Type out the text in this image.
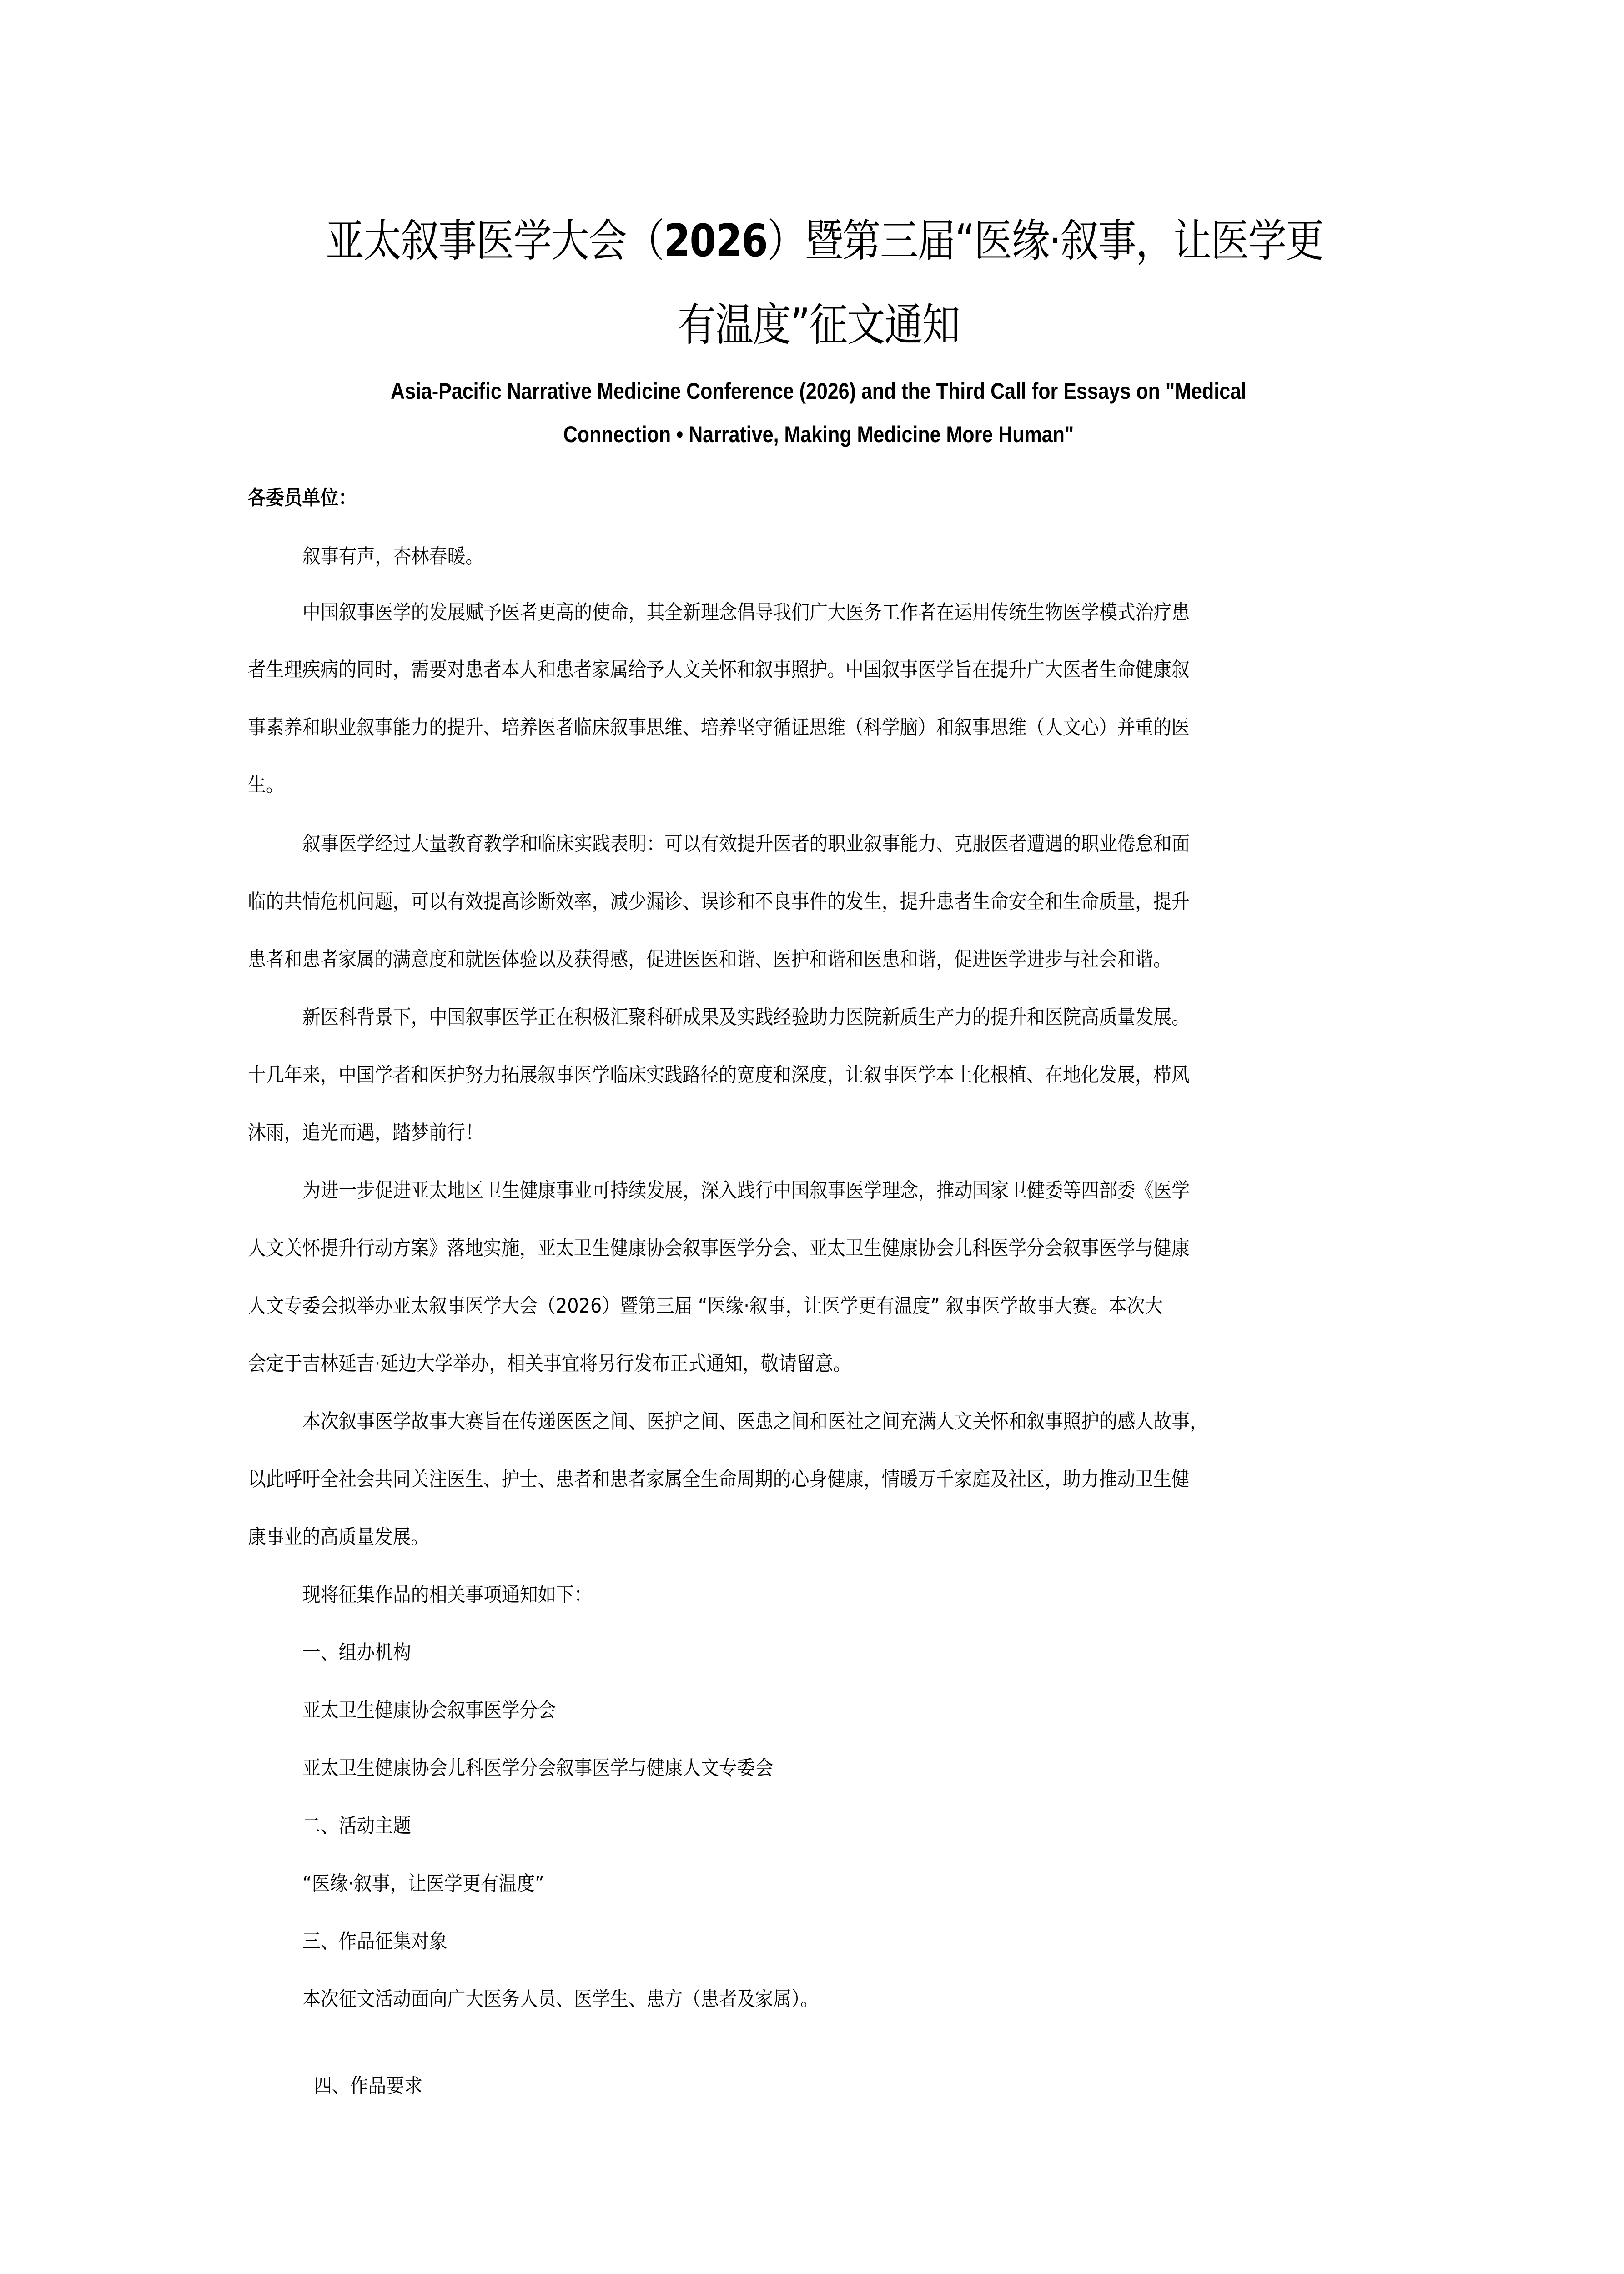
亚太叙事医学大会（2026）暨第三届“医缘·叙事，让医学更
有温度”征文通知
Asia-Pacific Narrative Medicine Conference (2026) and the Third Call for Essays on "Medical
Connection • Narrative, Making Medicine More Human"
各委员单位：
叙事有声，杏林春暖。
中国叙事医学的发展赋予医者更高的使命，其全新理念倡导我们广大医务工作者在运用传统生物医学模式治疗患
者生理疾病的同时，需要对患者本人和患者家属给予人文关怀和叙事照护。中国叙事医学旨在提升广大医者生命健康叙
事素养和职业叙事能力的提升、培养医者临床叙事思维、培养坚守循证思维（科学脑）和叙事思维（人文心）并重的医
生。
叙事医学经过大量教育教学和临床实践表明：可以有效提升医者的职业叙事能力、克服医者遭遇的职业倦怠和面
临的共情危机问题，可以有效提高诊断效率，减少漏诊、误诊和不良事件的发生，提升患者生命安全和生命质量，提升
患者和患者家属的满意度和就医体验以及获得感，促进医医和谐、医护和谐和医患和谐，促进医学进步与社会和谐。
新医科背景下，中国叙事医学正在积极汇聚科研成果及实践经验助力医院新质生产力的提升和医院高质量发展。
十几年来，中国学者和医护努力拓展叙事医学临床实践路径的宽度和深度，让叙事医学本土化根植、在地化发展，栉风
沐雨，追光而遇，踏梦前行！
为进一步促进亚太地区卫生健康事业可持续发展，深入践行中国叙事医学理念，推动国家卫健委等四部委《医学
人文关怀提升行动方案》落地实施，亚太卫生健康协会叙事医学分会、亚太卫生健康协会儿科医学分会叙事医学与健康
人文专委会拟举办亚太叙事医学大会（2026）暨第三届 “医缘·叙事，让医学更有温度” 叙事医学故事大赛。本次大
会定于吉林延吉·延边大学举办，相关事宜将另行发布正式通知，敬请留意。
本次叙事医学故事大赛旨在传递医医之间、医护之间、医患之间和医社之间充满人文关怀和叙事照护的感人故事，
以此呼吁全社会共同关注医生、护士、患者和患者家属全生命周期的心身健康，情暖万千家庭及社区，助力推动卫生健
康事业的高质量发展。
现将征集作品的相关事项通知如下：
一、组办机构
亚太卫生健康协会叙事医学分会
亚太卫生健康协会儿科医学分会叙事医学与健康人文专委会
二、活动主题
“医缘·叙事，让医学更有温度”
三、作品征集对象
本次征文活动面向广大医务人员、医学生、患方（患者及家属）。
四、作品要求
